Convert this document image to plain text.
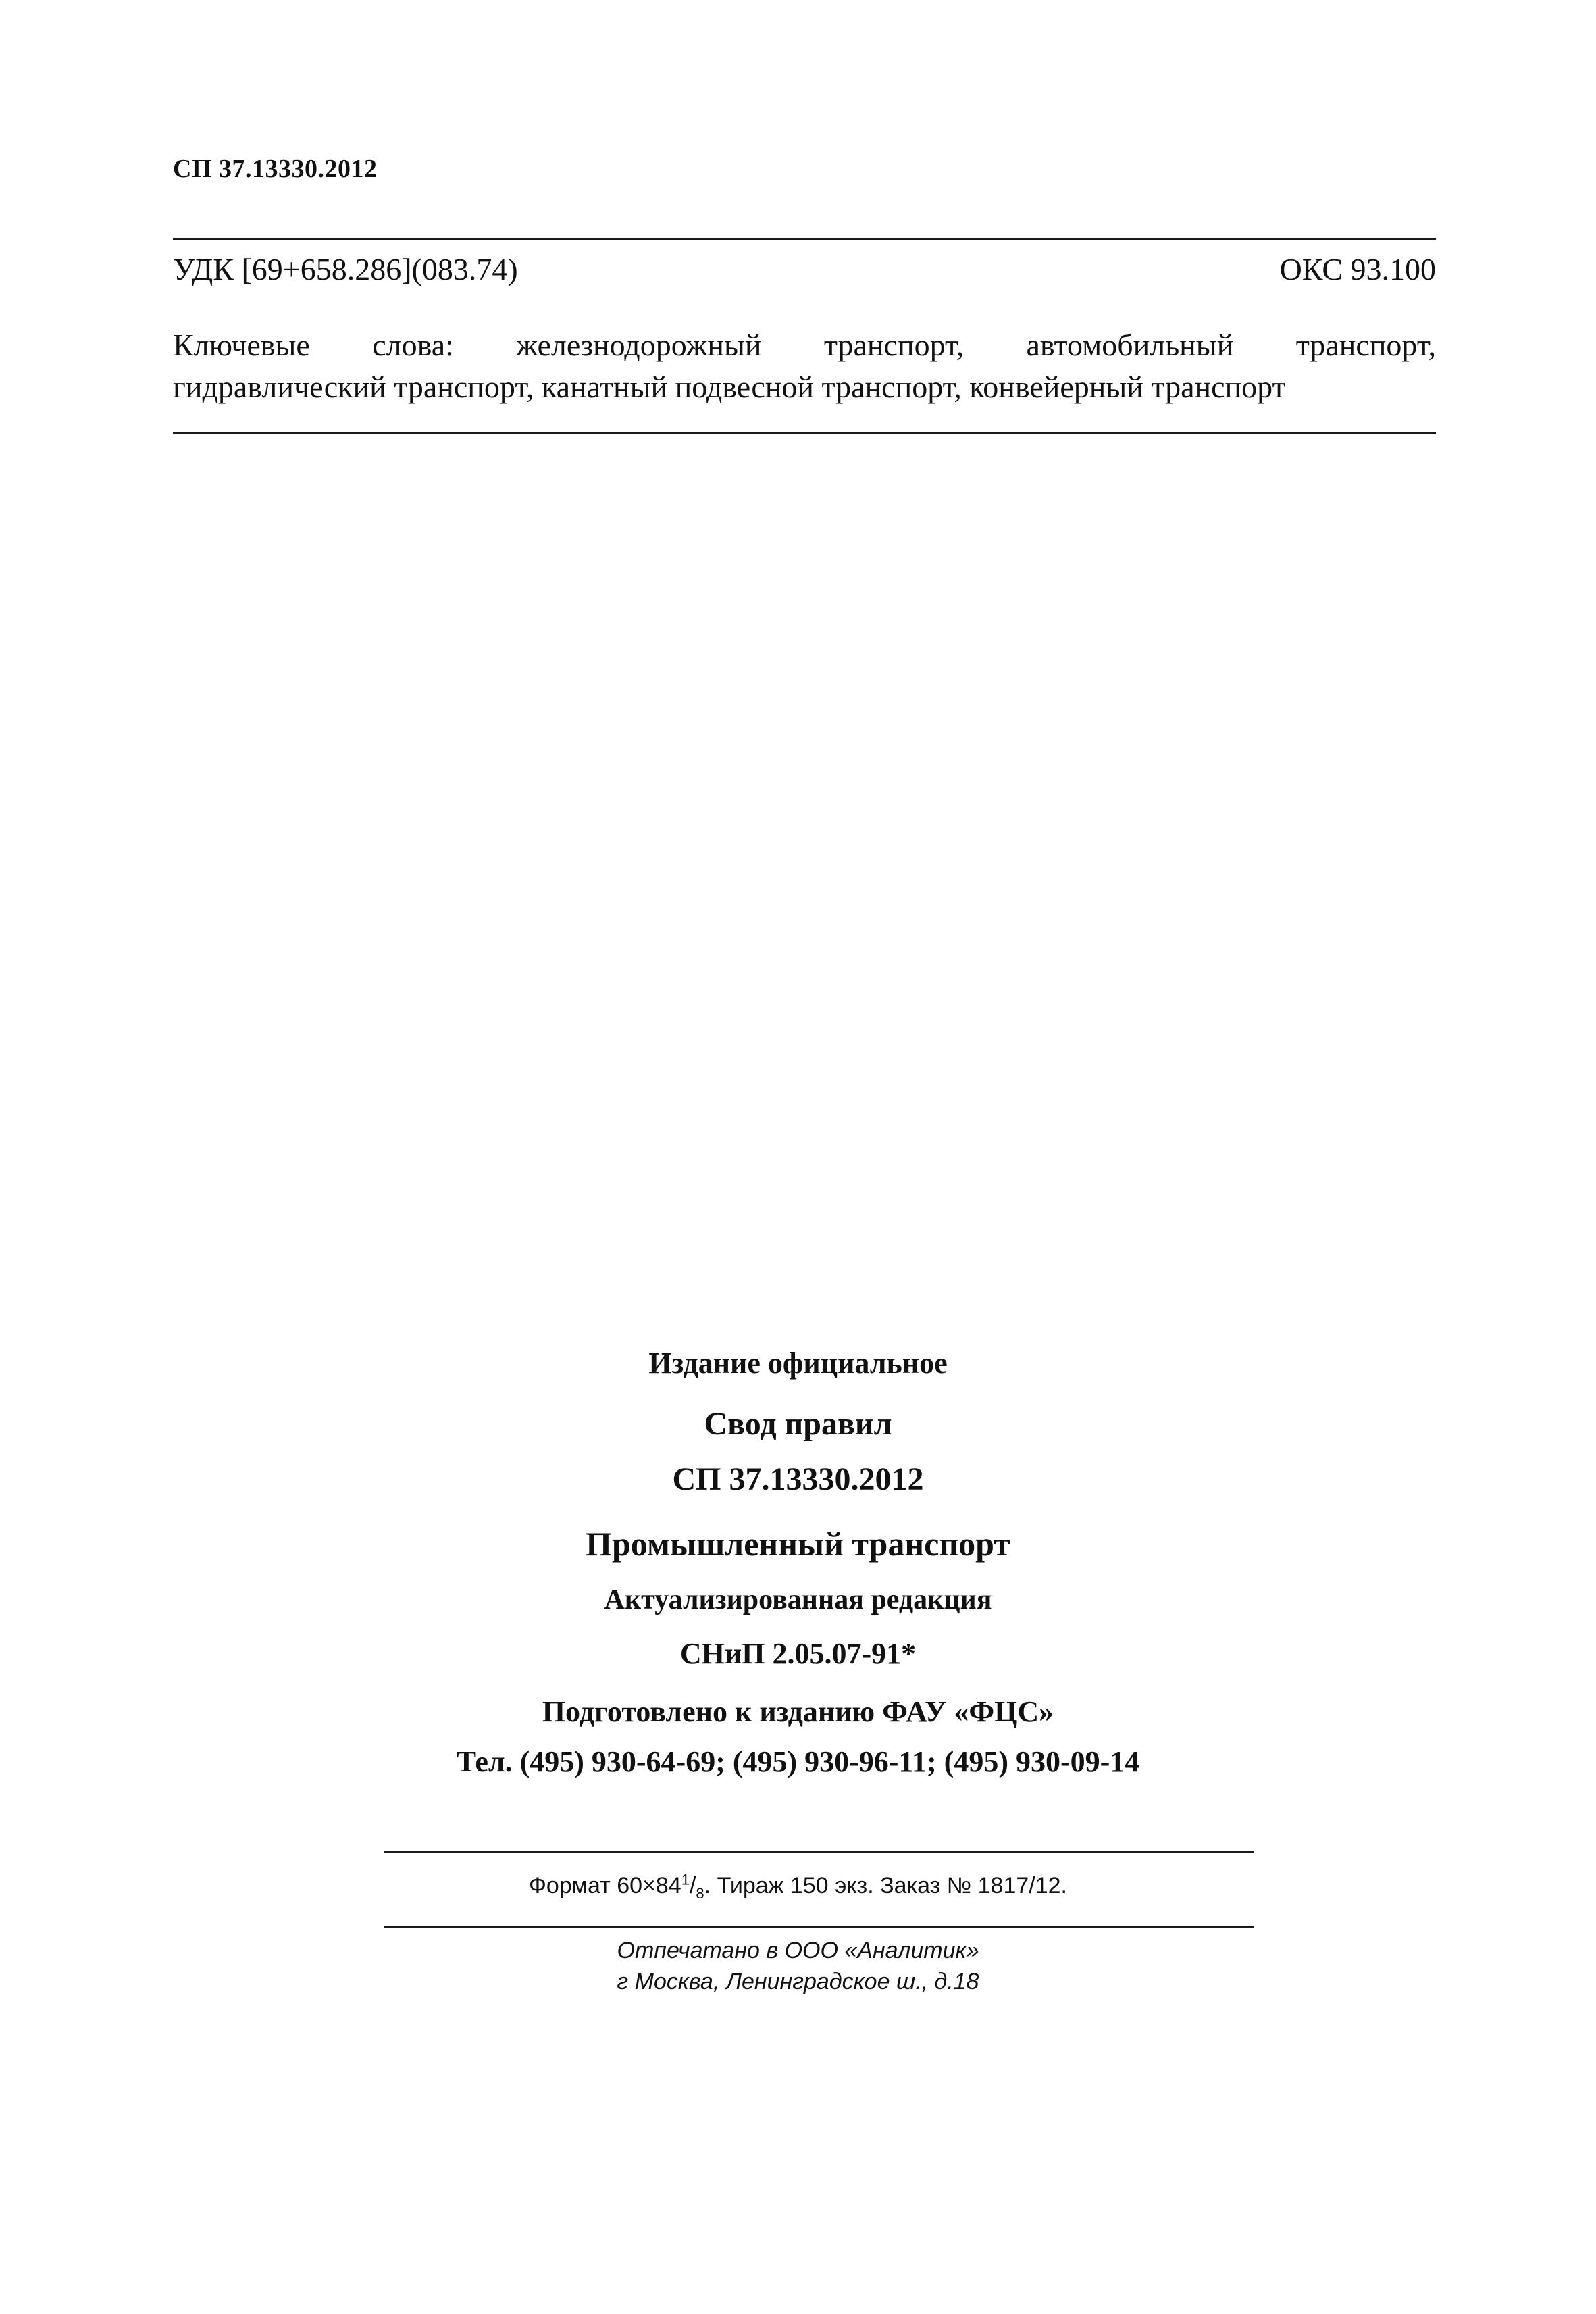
СП 37.13330.2012
УДК [69+658.286](083.74)	ОКС 93.100
Ключевые слова: железнодорожный транспорт, автомобильный транспорт,
гидравлический транспорт, канатный подвесной транспорт, конвейерный транспорт
Издание официальное
Свод правил
СП 37.13330.2012
Промышленный транспорт
Актуализированная редакция
СНиП 2.05.07-91*
Подготовлено к изданию ФАУ «ФЦС»
Тел. (495) 930-64-69; (495) 930-96-11; (495) 930-09-14
Формат $60\times 84^1/_8$. Тираж 150 экз. Заказ № 1817/12.
Отпечатано в ООО «Аналитик»
г Москва, Ленинградское ш., д.18
